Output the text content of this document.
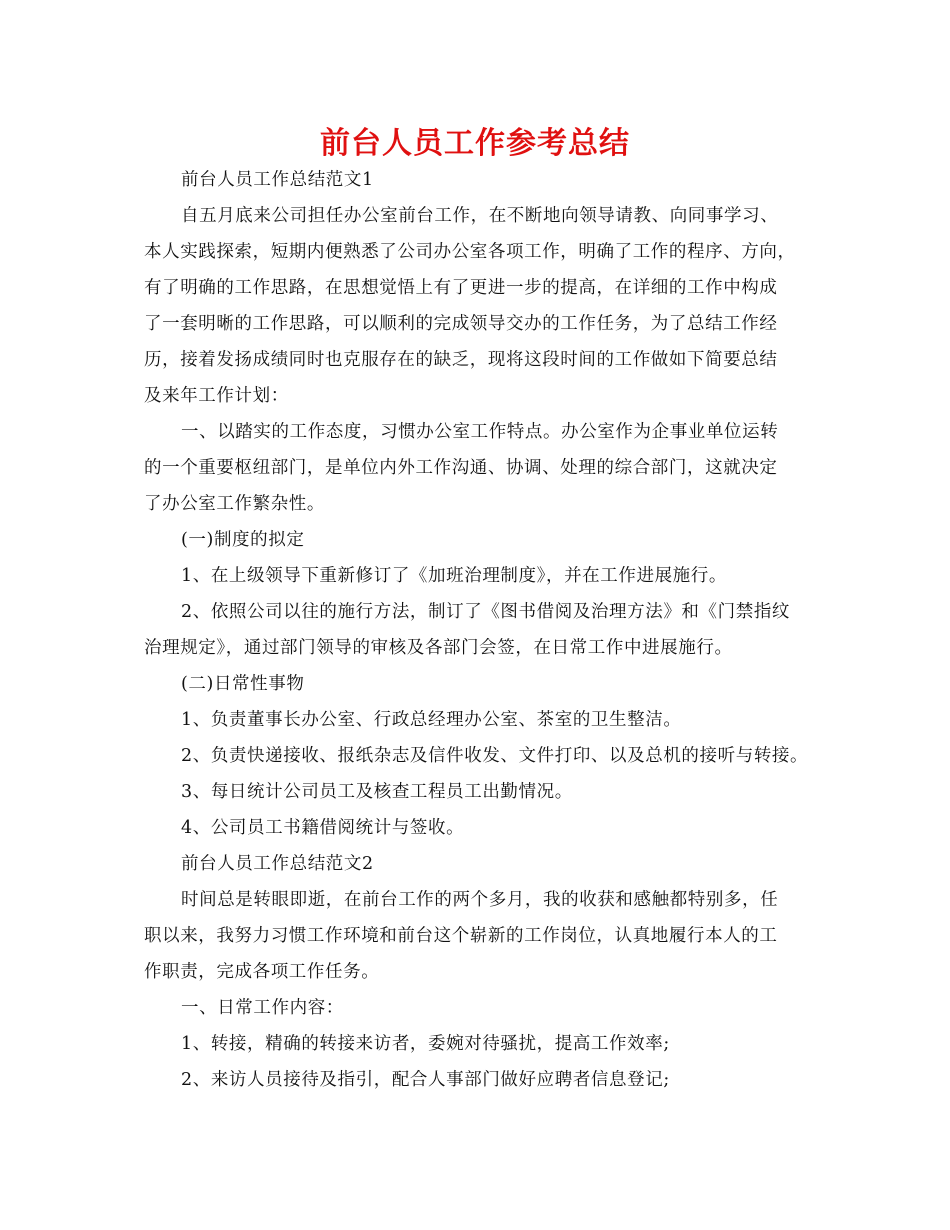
前台人员工作参考总结
前台人员工作总结范文1
自五月底来公司担任办公室前台工作，在不断地向领导请教、向同事学习、
本人实践探索，短期内便熟悉了公司办公室各项工作，明确了工作的程序、方向，
有了明确的工作思路，在思想觉悟上有了更进一步的提高，在详细的工作中构成
了一套明晰的工作思路，可以顺利的完成领导交办的工作任务，为了总结工作经
历，接着发扬成绩同时也克服存在的缺乏，现将这段时间的工作做如下简要总结
及来年工作计划：
一、以踏实的工作态度，习惯办公室工作特点。办公室作为企事业单位运转
的一个重要枢纽部门，是单位内外工作沟通、协调、处理的综合部门，这就决定
了办公室工作繁杂性。
(一)制度的拟定
1、在上级领导下重新修订了《加班治理制度》，并在工作进展施行。
2、依照公司以往的施行方法，制订了《图书借阅及治理方法》和《门禁指纹
治理规定》，通过部门领导的审核及各部门会签，在日常工作中进展施行。
(二)日常性事物
1、负责董事长办公室、行政总经理办公室、茶室的卫生整洁。
2、负责快递接收、报纸杂志及信件收发、文件打印、以及总机的接听与转接。
3、每日统计公司员工及核查工程员工出勤情况。
4、公司员工书籍借阅统计与签收。
前台人员工作总结范文2
时间总是转眼即逝，在前台工作的两个多月，我的收获和感触都特别多，任
职以来，我努力习惯工作环境和前台这个崭新的工作岗位，认真地履行本人的工
作职责，完成各项工作任务。
一、日常工作内容：
1、转接，精确的转接来访者，委婉对待骚扰，提高工作效率;
2、来访人员接待及指引，配合人事部门做好应聘者信息登记;
